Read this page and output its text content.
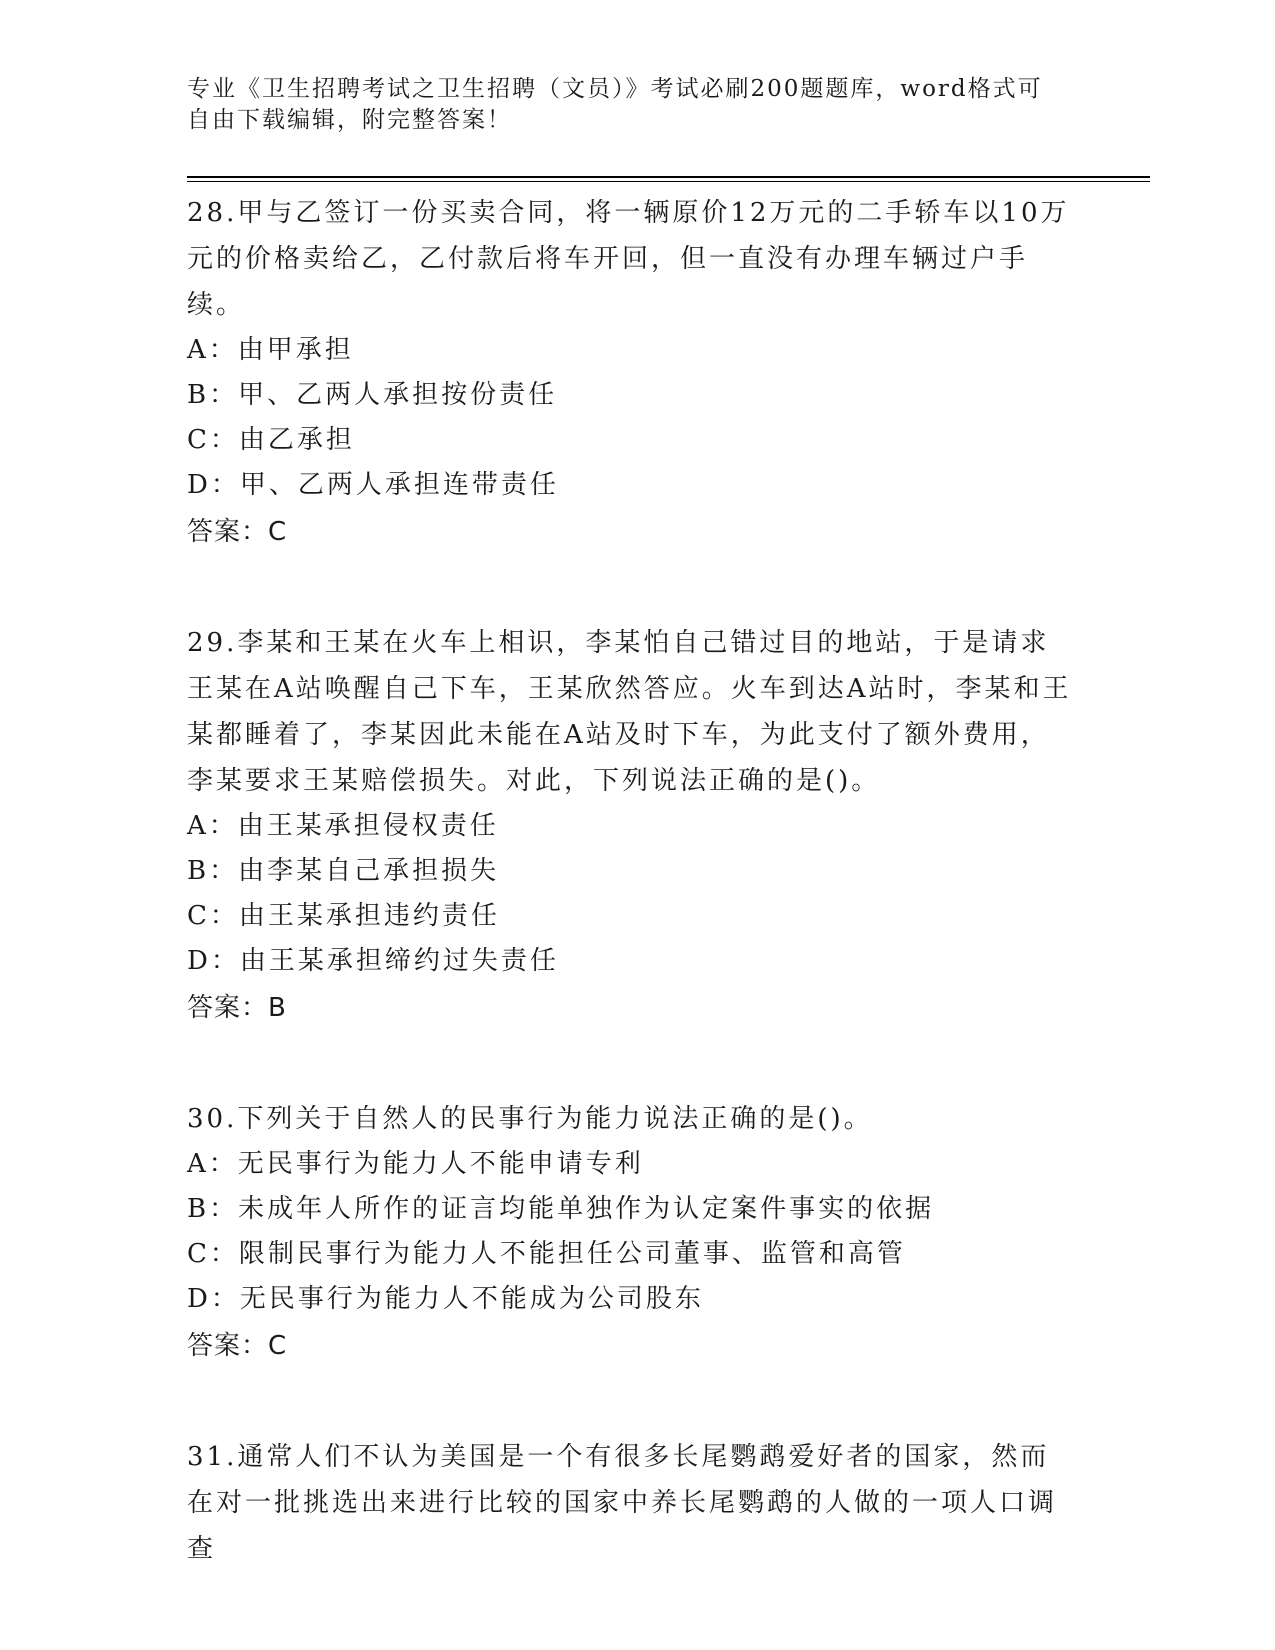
专业《卫生招聘考试之卫生招聘（文员）》考试必刷200题题库，word格式可自由下载编辑，附完整答案！
28.甲与乙签订一份买卖合同，将一辆原价12万元的二手轿车以10万元的价格卖给乙，乙付款后将车开回，但一直没有办理车辆过户手续。
A：由甲承担
B：甲、乙两人承担按份责任
C：由乙承担
D：甲、乙两人承担连带责任
答案：C
29.李某和王某在火车上相识，李某怕自己错过目的地站，于是请求王某在A站唤醒自己下车，王某欣然答应。火车到达A站时，李某和王某都睡着了，李某因此未能在A站及时下车，为此支付了额外费用，李某要求王某赔偿损失。对此，下列说法正确的是()。
A：由王某承担侵权责任
B：由李某自己承担损失
C：由王某承担违约责任
D：由王某承担缔约过失责任
答案：B
30.下列关于自然人的民事行为能力说法正确的是()。
A：无民事行为能力人不能申请专利
B：未成年人所作的证言均能单独作为认定案件事实的依据
C：限制民事行为能力人不能担任公司董事、监管和高管
D：无民事行为能力人不能成为公司股东
答案：C
31.通常人们不认为美国是一个有很多长尾鹦鹉爱好者的国家，然而在对一批挑选出来进行比较的国家中养长尾鹦鹉的人做的一项人口调查
